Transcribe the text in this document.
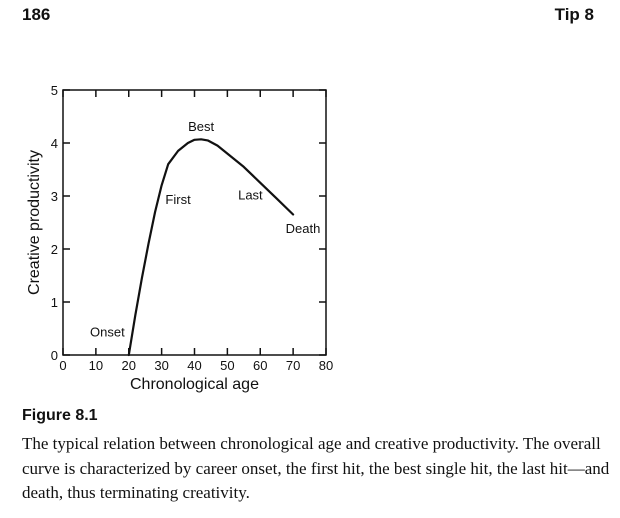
186	Tip 8
0 10 20 30 40 50 60 70 80
0
1
2
3
4
5
Onset
First
Best
Last
Death
Chronological age
Creative productivity
Figure 8.1
The typical relation between chronological age and creative productivity. The overall curve is characterized by career onset, the first hit, the best single hit, the last hit—and death, thus terminating creativity.
